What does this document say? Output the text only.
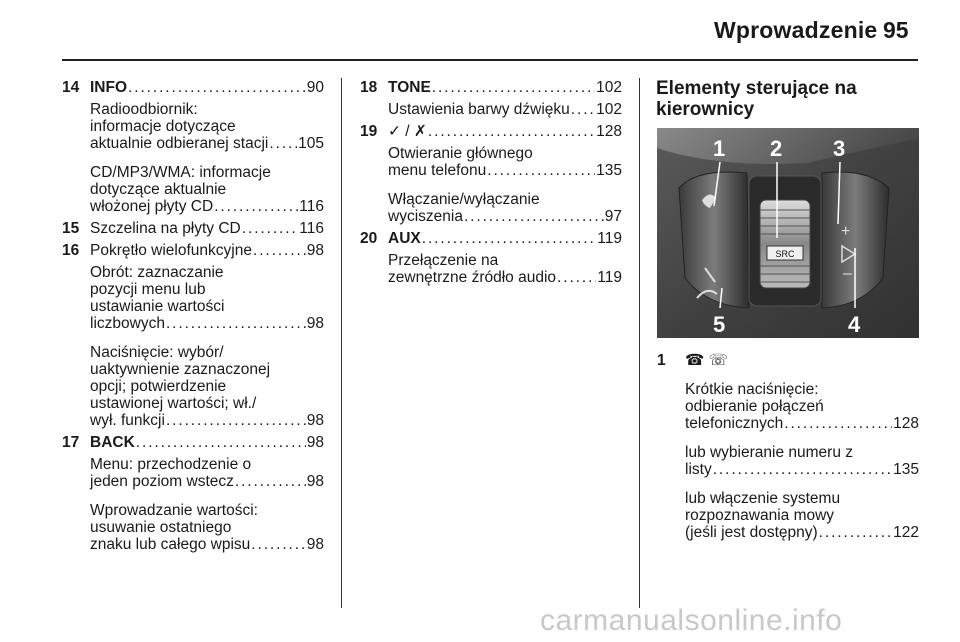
Wprowadzenie 95
14 INFO . . .	90
Radioodbiornik:
informacje dotyczące
aktualnie odbieranej stacji . . . 105
CD/MP3/WMA: informacje
dotyczące aktualnie
włożonej płyty CD . . .	116
15 Szczelina na płyty CD . . .	116
16 Pokrętło wielofunkcyjne . . .	98
Obrót: zaznaczanie
pozycji menu lub
ustawianie wartości
liczbowych . . .	98
Naciśnięcie: wybór/
uaktywnienie zaznaczonej
opcji; potwierdzenie
ustawionej wartości; wł./
wył. funkcji . . .	98
17 BACK . . .	98
Menu: przechodzenie o
jeden poziom wstecz . . .	98
Wprowadzanie wartości:
usuwanie ostatniego
znaku lub całego wpisu . . .	98
18 TONE . . .	102
Ustawienia barwy dźwięku . . . 102
19 ✓ / ✗ . . .	128
Otwieranie głównego
menu telefonu . . .	135
Włączanie/wyłączanie
wyciszenia . . .	97
20 AUX . . .	119
Przełączenie na
zewnętrzne źródło audio . . .	119
Elementy sterujące na
kierownicy
SRC
+
–
1 2 3
4
5
1	☎ ☏
Krótkie naciśnięcie:
odbieranie połączeń
telefonicznych . . .	128
lub wybieranie numeru z
listy . . .	135
lub włączenie systemu
rozpoznawania mowy
(jeśli jest dostępny) . . .	122
carmanualsonline.info
